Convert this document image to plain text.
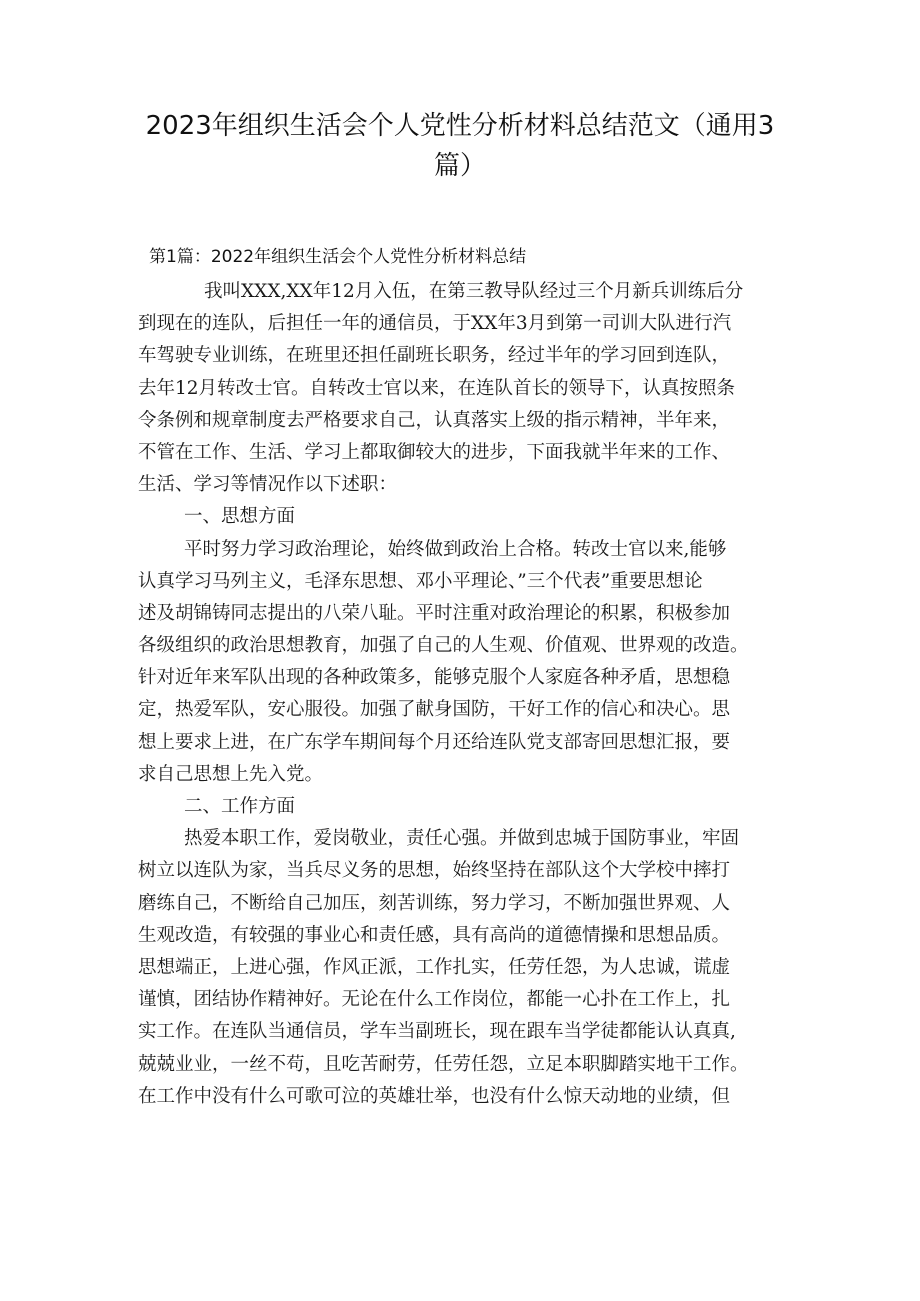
2023年组织生活会个人党性分析材料总结范文（通用3
篇）
第1篇：2022年组织生活会个人党性分析材料总结
我叫XXX,XX年12月入伍，在第三教导队经过三个月新兵训练后分
到现在的连队，后担任一年的通信员，于XX年3月到第一司训大队进行汽
车驾驶专业训练，在班里还担任副班长职务，经过半年的学习回到连队，
去年12月转改士官。自转改士官以来，在连队首长的领导下，认真按照条
令条例和规章制度去严格要求自己，认真落实上级的指示精神，半年来，
不管在工作、生活、学习上都取御较大的进步，下面我就半年来的工作、
生活、学习等情况作以下述职：
一、思想方面
平时努力学习政治理论，始终做到政治上合格。转改士官以来,能够
认真学习马列主义，毛泽东思想、邓小平理论、”三个代表”重要思想论
述及胡锦铸同志提出的八荣八耻。平时注重对政治理论的积累，积极参加
各级组织的政治思想教育，加强了自己的人生观、价值观、世界观的改造。
针对近年来军队出现的各种政策多，能够克服个人家庭各种矛盾，思想稳
定，热爱军队，安心服役。加强了献身国防，干好工作的信心和决心。思
想上要求上进，在广东学车期间每个月还给连队党支部寄回思想汇报，要
求自己思想上先入党。
二、工作方面
热爱本职工作，爱岗敬业，责任心强。并做到忠城于国防事业，牢固
树立以连队为家，当兵尽义务的思想，始终坚持在部队这个大学校中摔打
磨练自己，不断给自己加压，刻苦训练，努力学习，不断加强世界观、人
生观改造，有较强的事业心和责任感，具有高尚的道德情操和思想品质。
思想端正，上进心强，作风正派，工作扎实，任劳任怨，为人忠诚，谎虚
谨慎，团结协作精神好。无论在什么工作岗位，都能一心扑在工作上，扎
实工作。在连队当通信员，学车当副班长，现在跟车当学徒都能认认真真,
兢兢业业，一丝不苟，且吃苦耐劳，任劳任怨，立足本职脚踏实地干工作。
在工作中没有什么可歌可泣的英雄壮举，也没有什么惊天动地的业绩，但
